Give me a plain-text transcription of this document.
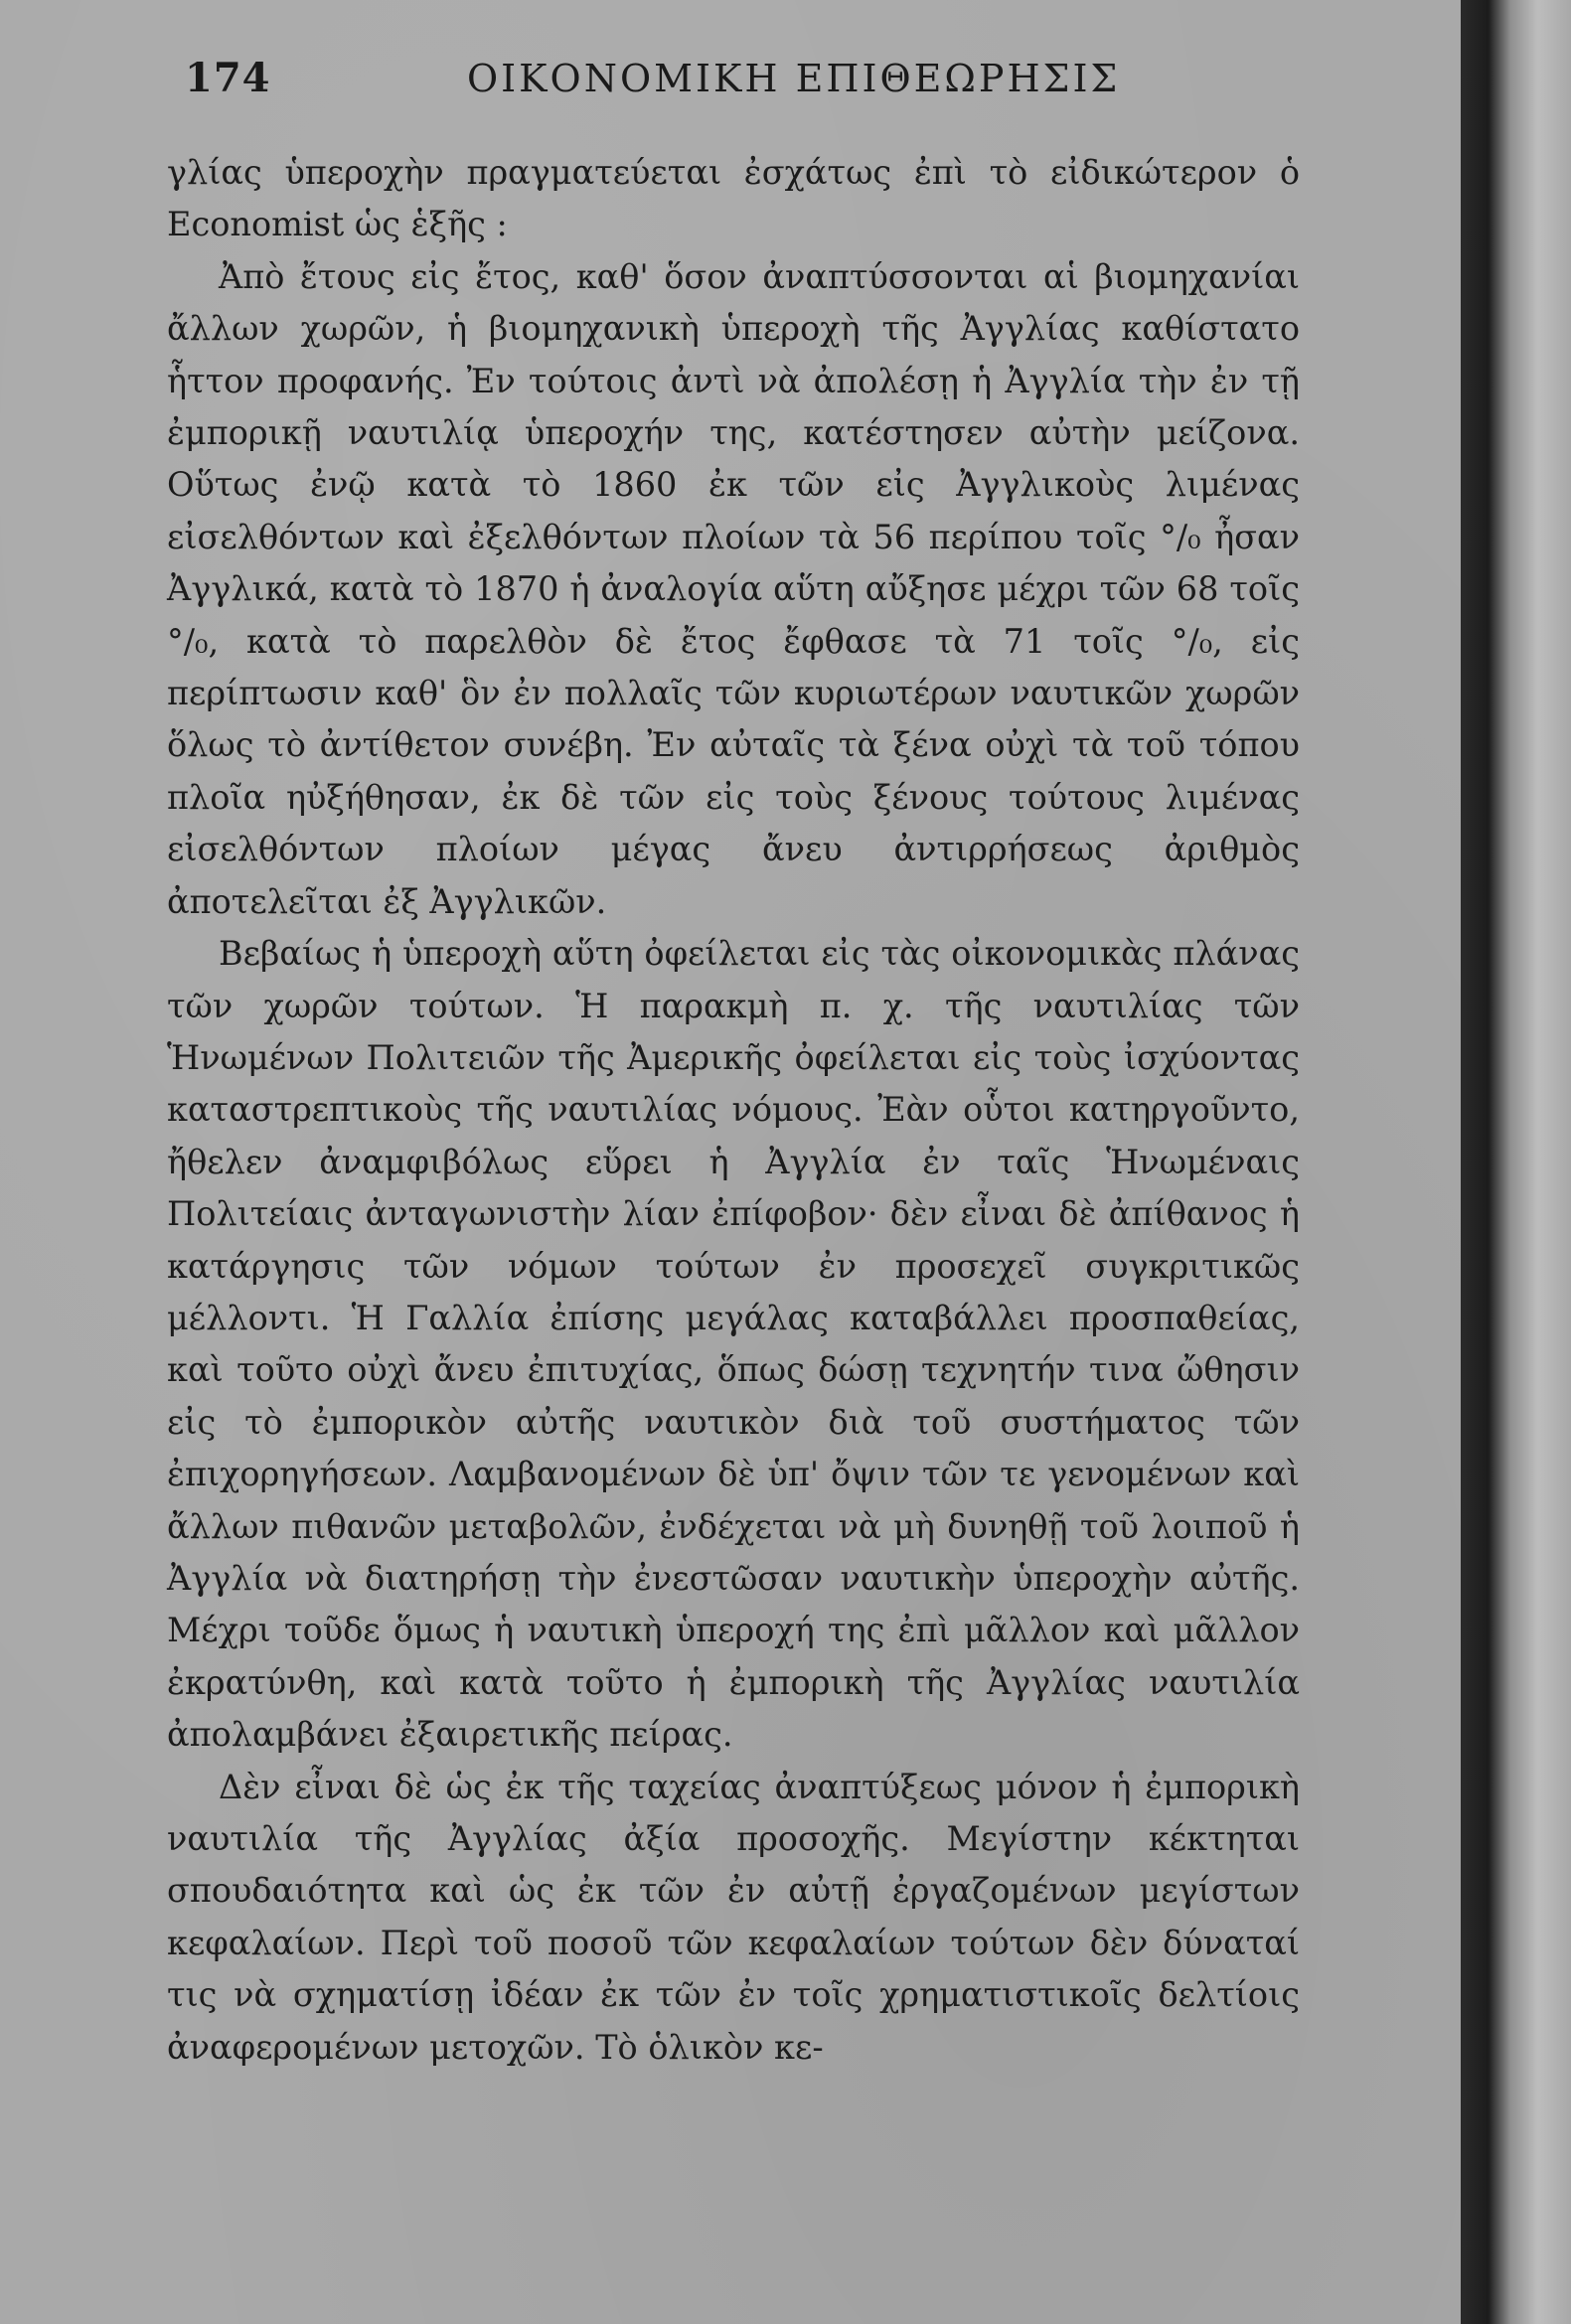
174	ΟΙΚΟΝΟΜΙΚΗ ΕΠΙΘΕΩΡΗΣΙΣ

γλίας ὑπεροχὴν πραγματεύεται ἐσχάτως ἐπὶ τὸ εἰδικώτερον ὁ Economist ὡς ἑξῆς :

Ἀπὸ ἔτους εἰς ἔτος, καθ' ὅσον ἀναπτύσσονται αἱ βιομηχανίαι ἄλλων χωρῶν, ἡ βιομηχανικὴ ὑπεροχὴ τῆς Ἀγγλίας καθίστατο ἧττον προφανής. Ἐν τούτοις ἀντὶ νὰ ἀπολέσῃ ἡ Ἀγγλία τὴν ἐν τῇ ἐμπορικῇ ναυτιλίᾳ ὑπεροχήν της, κατέστησεν αὐτὴν μείζονα. Οὕτως ἐνῷ κατὰ τὸ 1860 ἐκ τῶν εἰς Ἀγγλικοὺς λιμένας εἰσελθόντων καὶ ἐξελθόντων πλοίων τὰ 56 περίπου τοῖς °/₀ ἦσαν Ἀγγλικά, κατὰ τὸ 1870 ἡ ἀναλογία αὕτη αὔξησε μέχρι τῶν 68 τοῖς °/₀, κατὰ τὸ παρελθὸν δὲ ἔτος ἔφθασε τὰ 71 τοῖς °/₀, εἰς περίπτωσιν καθ' ὃν ἐν πολλαῖς τῶν κυριωτέρων ναυτικῶν χωρῶν ὅλως τὸ ἀντίθετον συνέβη. Ἐν αὐταῖς τὰ ξένα οὐχὶ τὰ τοῦ τόπου πλοῖα ηὐξήθησαν, ἐκ δὲ τῶν εἰς τοὺς ξένους τούτους λιμένας εἰσελθόντων πλοίων μέγας ἄνευ ἀντιρρήσεως ἀριθμὸς ἀποτελεῖται ἐξ Ἀγγλικῶν.

Βεβαίως ἡ ὑπεροχὴ αὕτη ὀφείλεται εἰς τὰς οἰκονομικὰς πλάνας τῶν χωρῶν τούτων. Ἡ παρακμὴ π. χ. τῆς ναυτιλίας τῶν Ἡνωμένων Πολιτειῶν τῆς Ἀμερικῆς ὀφείλεται εἰς τοὺς ἰσχύοντας καταστρεπτικοὺς τῆς ναυτιλίας νόμους. Ἐὰν οὗτοι κατηργοῦντο, ἤθελεν ἀναμφιβόλως εὕρει ἡ Ἀγγλία ἐν ταῖς Ἡνωμέναις Πολιτείαις ἀνταγωνιστὴν λίαν ἐπίφοβον· δὲν εἶναι δὲ ἀπίθανος ἡ κατάργησις τῶν νόμων τούτων ἐν προσεχεῖ συγκριτικῶς μέλλοντι. Ἡ Γαλλία ἐπίσης μεγάλας καταβάλλει προσπαθείας, καὶ τοῦτο οὐχὶ ἄνευ ἐπιτυχίας, ὅπως δώσῃ τεχνητήν τινα ὤθησιν εἰς τὸ ἐμπορικὸν αὐτῆς ναυτικὸν διὰ τοῦ συστήματος τῶν ἐπιχορηγήσεων. Λαμβανομένων δὲ ὑπ' ὄψιν τῶν τε γενομένων καὶ ἄλλων πιθανῶν μεταβολῶν, ἐνδέχεται νὰ μὴ δυνηθῇ τοῦ λοιποῦ ἡ Ἀγγλία νὰ διατηρήσῃ τὴν ἐνεστῶσαν ναυτικὴν ὑπεροχὴν αὐτῆς. Μέχρι τοῦδε ὅμως ἡ ναυτικὴ ὑπεροχή της ἐπὶ μᾶλλον καὶ μᾶλλον ἐκρατύνθη, καὶ κατὰ τοῦτο ἡ ἐμπορικὴ τῆς Ἀγγλίας ναυτιλία ἀπολαμβάνει ἐξαιρετικῆς πείρας.

Δὲν εἶναι δὲ ὡς ἐκ τῆς ταχείας ἀναπτύξεως μόνον ἡ ἐμπορικὴ ναυτιλία τῆς Ἀγγλίας ἀξία προσοχῆς. Μεγίστην κέκτηται σπουδαιότητα καὶ ὡς ἐκ τῶν ἐν αὐτῇ ἐργαζομένων μεγίστων κεφαλαίων. Περὶ τοῦ ποσοῦ τῶν κεφαλαίων τούτων δὲν δύναταί τις νὰ σχηματίσῃ ἰδέαν ἐκ τῶν ἐν τοῖς χρηματιστικοῖς δελτίοις ἀναφερομένων μετοχῶν. Τὸ ὁλικὸν κε-
